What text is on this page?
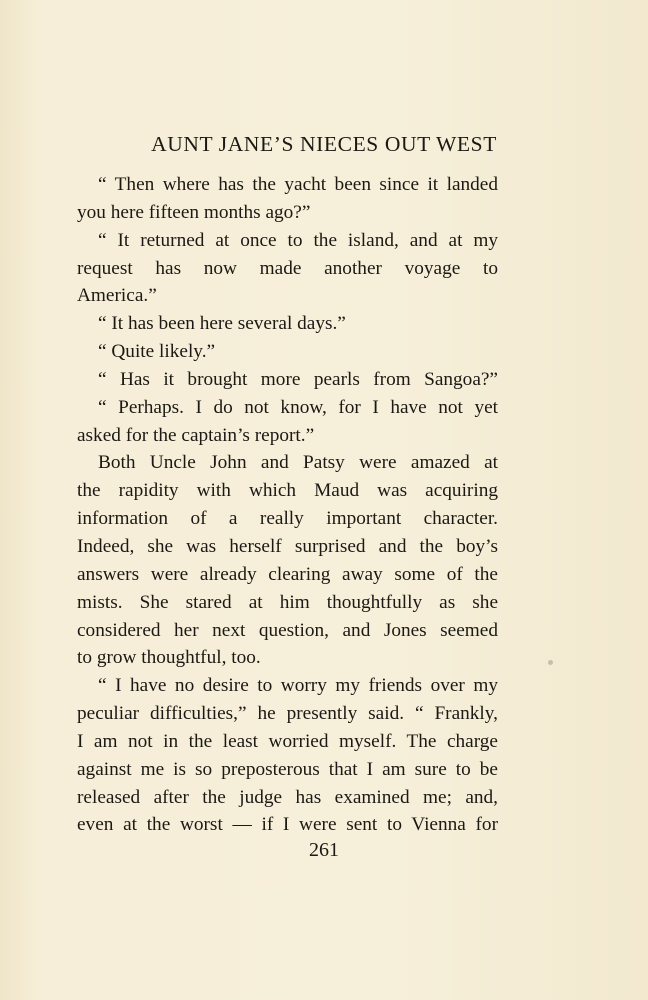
AUNT JANE’S NIECES OUT WEST
“ Then where has the yacht been since it landed
you here fifteen months ago?”
“ It returned at once to the island, and at my
request has now made another voyage to
America.”
“ It has been here several days.”
“ Quite likely.”
“ Has it brought more pearls from Sangoa?”
“ Perhaps. I do not know, for I have not yet
asked for the captain’s report.”
Both Uncle John and Patsy were amazed at
the rapidity with which Maud was acquiring
information of a really important character.
Indeed, she was herself surprised and the boy’s
answers were already clearing away some of the
mists. She stared at him thoughtfully as she
considered her next question, and Jones seemed
to grow thoughtful, too.
“ I have no desire to worry my friends over my
peculiar difficulties,” he presently said. “ Frankly,
I am not in the least worried myself. The charge
against me is so preposterous that I am sure to be
released after the judge has examined me; and,
even at the worst — if I were sent to Vienna for
261
